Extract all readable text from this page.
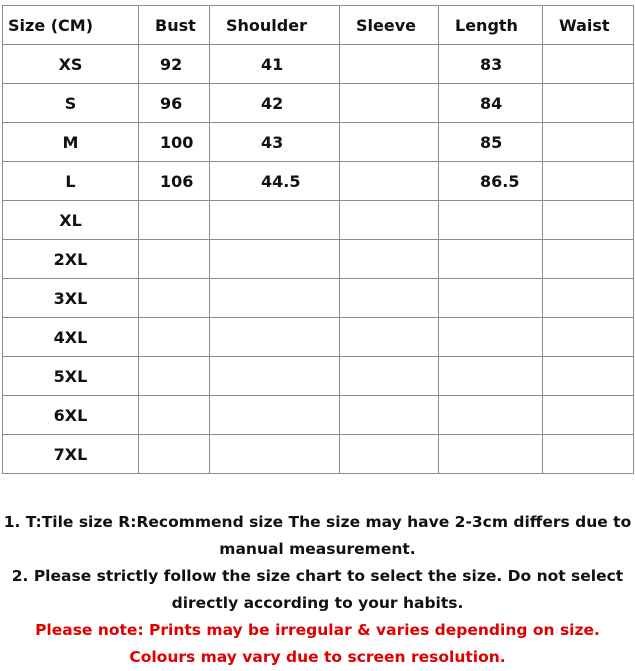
Size (CM)	Bust	Shoulder	Sleeve	Length	Waist
XS	92	41		83	
S	96	42		84	
M	100	43		85	
L	106	44.5		86.5	
XL					
2XL					
3XL					
4XL					
5XL					
6XL					
7XL					

1. T:Tile size R:Recommend size The size may have 2-3cm differs due to manual measurement.

2. Please strictly follow the size chart to select the size. Do not select directly according to your habits.

Please note: Prints may be irregular & varies depending on size.

Colours may vary due to screen resolution.
